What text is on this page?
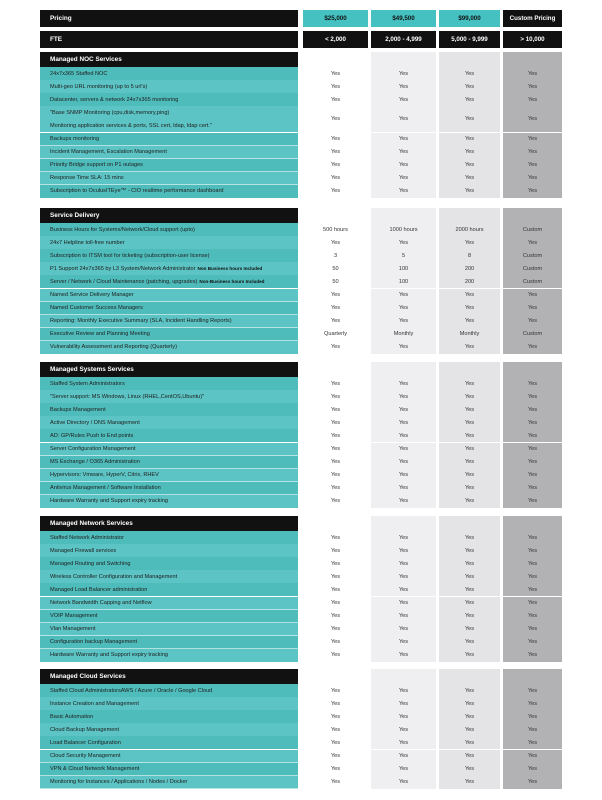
Pricing	$25,000	$49,500	$99,000	Custom Pricing
FTE	< 2,000	2,000 - 4,999	5,000 - 9,999	> 10,000
Managed NOC Services
24x7x365 Staffed NOC	Yes	Yes	Yes	Yes
Multi-geo URL monitoring (up to 5 url's)	Yes	Yes	Yes	Yes
Datacenter, servers & network 24x7x365 monitoring	Yes	Yes	Yes	Yes
"Base SNMP Monitoring (cpu,disk,memory,ping)
Monitoring application services & ports, SSL cert, ldap, ldap cert."
Yes	Yes	Yes	Yes
Backups monitoring	Yes	Yes	Yes	Yes
Incident Management, Escalation Management	Yes	Yes	Yes	Yes
Priority Bridge support on P1 outages	Yes	Yes	Yes	Yes
Response Time SLA: 15 mins	Yes	Yes	Yes	Yes
Subscription to OculusITEye™ - CIO realtime performance dashboard	Yes	Yes	Yes	Yes
Service Delivery
Business Hours for Systems/Network/Cloud support (upto)	500 hours	1000 hours	2000 hours	Custom
24x7 Helpline toll-free number	Yes	Yes	Yes	Yes
Subscription to ITSM tool for ticketing (subscription-user license)	3	5	8	Custom
P1 Support 24x7x365 by L3 System/Network Administrator Non Business hours Included	50	100	200	Custom
Server / Network / Cloud Maintenance (patching, upgrades) Non-Business hours Included	50	100	200	Custom
Named Service Delivery Manager	Yes	Yes	Yes	Yes
Named Customer Success Managers	Yes	Yes	Yes	Yes
Reporting: Monthly Executive Summary (SLA, Incident Handling Reports)	Yes	Yes	Yes	Yes
Executive Review and Planning Meeting	Quarterly	Monthly	Monthly	Custom
Vulnerability Assessment and Reporting (Quarterly)	Yes	Yes	Yes	Yes
Managed Systems Services
Staffed System Administrators	Yes	Yes	Yes	Yes
"Server support: MS Windows, Linux (RHEL,CentOS,Ubuntu)"	Yes	Yes	Yes	Yes
Backups Management	Yes	Yes	Yes	Yes
Active Directory / DNS Management	Yes	Yes	Yes	Yes
AD: GP/Rules Push to End points	Yes	Yes	Yes	Yes
Server Configuration Management	Yes	Yes	Yes	Yes
MS Exchange / O365 Administration	Yes	Yes	Yes	Yes
Hypervisors: Vmware, HyperV, Citrix, RHEV	Yes	Yes	Yes	Yes
Antivirus Management / Software Installation	Yes	Yes	Yes	Yes
Hardware Warranty and Support expiry tracking	Yes	Yes	Yes	Yes
Managed Network Services
Staffed Network Administrator	Yes	Yes	Yes	Yes
Managed Firewall services	Yes	Yes	Yes	Yes
Managed Routing and Switching	Yes	Yes	Yes	Yes
Wireless Controller Configuration and Management	Yes	Yes	Yes	Yes
Managed Load Balancer administration	Yes	Yes	Yes	Yes
Network Bandwidth Capping and Netflow	Yes	Yes	Yes	Yes
VOIP Management	Yes	Yes	Yes	Yes
Vlan Management	Yes	Yes	Yes	Yes
Configuration backup Management	Yes	Yes	Yes	Yes
Hardware Warranty and Support expiry tracking	Yes	Yes	Yes	Yes
Managed Cloud Services
Staffed Cloud AdministratorsAWS / Azure / Oracle / Google Cloud	Yes	Yes	Yes	Yes
Instance Creation and Management	Yes	Yes	Yes	Yes
Basic Automation	Yes	Yes	Yes	Yes
Cloud Backup Management	Yes	Yes	Yes	Yes
Load Balancer Configuration	Yes	Yes	Yes	Yes
Cloud Security Management	Yes	Yes	Yes	Yes
VPN & Cloud Network Management	Yes	Yes	Yes	Yes
Monitoring for Instances / Applications / Nodes / Docker	Yes	Yes	Yes	Yes
